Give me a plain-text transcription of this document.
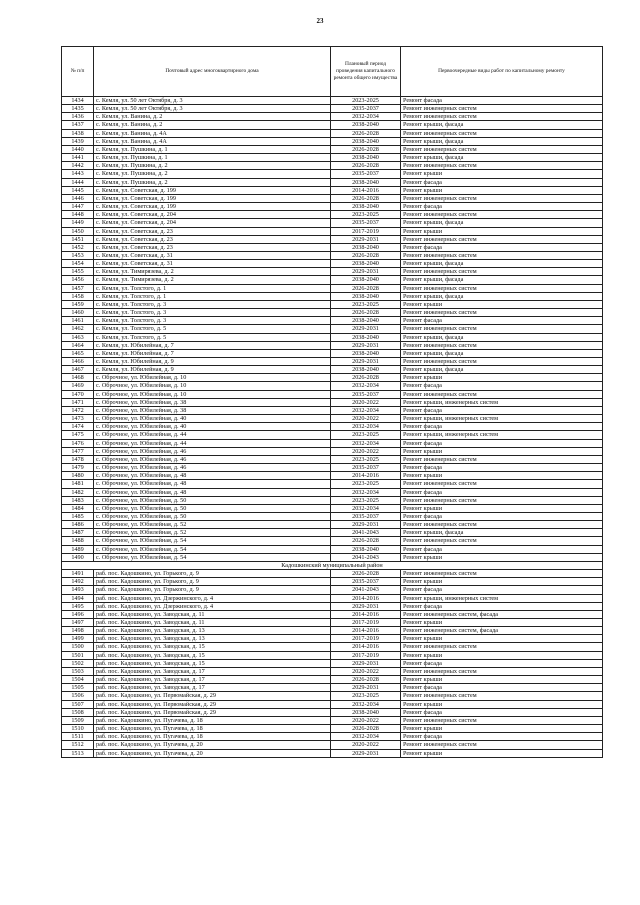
23
№ п/п	Почтовый адрес многоквартирного дома	Плановый период проведения капитального ремонта общего имущества	Первоочередные виды работ по капитальному ремонту
1434	с. Кемля, ул. 50 лет Октября, д. 3	2023-2025	Ремонт фасада
1435	с. Кемля, ул. 50 лет Октября, д. 3	2035-2037	Ремонт инженерных систем
1436	с. Кемля, ул. Ванина, д. 2	2032-2034	Ремонт инженерных систем
1437	с. Кемля, ул. Ванина, д. 2	2038-2040	Ремонт крыши, фасада
1438	с. Кемля, ул. Ванина, д. 4А	2026-2028	Ремонт инженерных систем
1439	с. Кемля, ул. Ванина, д. 4А	2038-2040	Ремонт крыши, фасада
1440	с. Кемля, ул. Пушкина, д. 1	2026-2028	Ремонт инженерных систем
1441	с. Кемля, ул. Пушкина, д. 1	2038-2040	Ремонт крыши, фасада
1442	с. Кемля, ул. Пушкина, д. 2	2026-2028	Ремонт инженерных систем
1443	с. Кемля, ул. Пушкина, д. 2	2035-2037	Ремонт крыши
1444	с. Кемля, ул. Пушкина, д. 2	2038-2040	Ремонт фасада
1445	с. Кемля, ул. Советская, д. 199	2014-2016	Ремонт крыши
1446	с. Кемля, ул. Советская, д. 199	2026-2028	Ремонт инженерных систем
1447	с. Кемля, ул. Советская, д. 199	2038-2040	Ремонт фасада
1448	с. Кемля, ул. Советская, д. 204	2023-2025	Ремонт инженерных систем
1449	с. Кемля, ул. Советская, д. 204	2035-2037	Ремонт крыши, фасада
1450	с. Кемля, ул. Советская, д. 23	2017-2019	Ремонт крыши
1451	с. Кемля, ул. Советская, д. 23	2029-2031	Ремонт инженерных систем
1452	с. Кемля, ул. Советская, д. 23	2038-2040	Ремонт фасада
1453	с. Кемля, ул. Советская, д. 31	2026-2028	Ремонт инженерных систем
1454	с. Кемля, ул. Советская, д. 31	2038-2040	Ремонт крыши, фасада
1455	с. Кемля, ул. Тимирязева, д. 2	2029-2031	Ремонт инженерных систем
1456	с. Кемля, ул. Тимирязева, д. 2	2038-2040	Ремонт крыши, фасада
1457	с. Кемля, ул. Толстого, д. 1	2026-2028	Ремонт инженерных систем
1458	с. Кемля, ул. Толстого, д. 1	2038-2040	Ремонт крыши, фасада
1459	с. Кемля, ул. Толстого, д. 3	2023-2025	Ремонт крыши
1460	с. Кемля, ул. Толстого, д. 3	2026-2028	Ремонт инженерных систем
1461	с. Кемля, ул. Толстого, д. 3	2038-2040	Ремонт фасада
1462	с. Кемля, ул. Толстого, д. 5	2029-2031	Ремонт инженерных систем
1463	с. Кемля, ул. Толстого, д. 5	2038-2040	Ремонт крыши, фасада
1464	с. Кемля, ул. Юбилейная, д. 7	2029-2031	Ремонт инженерных систем
1465	с. Кемля, ул. Юбилейная, д. 7	2038-2040	Ремонт крыши, фасада
1466	с. Кемля, ул. Юбилейная, д. 9	2029-2031	Ремонт инженерных систем
1467	с. Кемля, ул. Юбилейная, д. 9	2038-2040	Ремонт крыши, фасада
1468	с. Оброчное, ул. Юбилейная, д. 10	2026-2028	Ремонт крыши
1469	с. Оброчное, ул. Юбилейная, д. 10	2032-2034	Ремонт фасада
1470	с. Оброчное, ул. Юбилейная, д. 10	2035-2037	Ремонт инженерных систем
1471	с. Оброчное, ул. Юбилейная, д. 38	2020-2022	Ремонт крыши, инженерных систем
1472	с. Оброчное, ул. Юбилейная, д. 38	2032-2034	Ремонт фасада
1473	с. Оброчное, ул. Юбилейная, д. 40	2020-2022	Ремонт крыши, инженерных систем
1474	с. Оброчное, ул. Юбилейная, д. 40	2032-2034	Ремонт фасада
1475	с. Оброчное, ул. Юбилейная, д. 44	2023-2025	Ремонт крыши, инженерных систем
1476	с. Оброчное, ул. Юбилейная, д. 44	2032-2034	Ремонт фасада
1477	с. Оброчное, ул. Юбилейная, д. 46	2020-2022	Ремонт крыши
1478	с. Оброчное, ул. Юбилейная, д. 46	2023-2025	Ремонт инженерных систем
1479	с. Оброчное, ул. Юбилейная, д. 46	2035-2037	Ремонт фасада
1480	с. Оброчное, ул. Юбилейная, д. 48	2014-2016	Ремонт крыши
1481	с. Оброчное, ул. Юбилейная, д. 48	2023-2025	Ремонт инженерных систем
1482	с. Оброчное, ул. Юбилейная, д. 48	2032-2034	Ремонт фасада
1483	с. Оброчное, ул. Юбилейная, д. 50	2023-2025	Ремонт инженерных систем
1484	с. Оброчное, ул. Юбилейная, д. 50	2032-2034	Ремонт крыши
1485	с. Оброчное, ул. Юбилейная, д. 50	2035-2037	Ремонт фасада
1486	с. Оброчное, ул. Юбилейная, д. 52	2029-2031	Ремонт инженерных систем
1487	с. Оброчное, ул. Юбилейная, д. 52	2041-2043	Ремонт крыши, фасада
1488	с. Оброчное, ул. Юбилейная, д. 54	2026-2028	Ремонт инженерных систем
1489	с. Оброчное, ул. Юбилейная, д. 54	2038-2040	Ремонт фасада
1490	с. Оброчное, ул. Юбилейная, д. 54	2041-2043	Ремонт крыши
Кадошкинский муниципальный район			
1491	раб. пос. Кадошкино, ул. Горького, д. 9	2026-2028	Ремонт инженерных систем
1492	раб. пос. Кадошкино, ул. Горького, д. 9	2035-2037	Ремонт крыши
1493	раб. пос. Кадошкино, ул. Горького, д. 9	2041-2043	Ремонт фасада
1494	раб. пос. Кадошкино, ул. Дзержинского, д. 4	2014-2016	Ремонт крыши, инженерных систем
1495	раб. пос. Кадошкино, ул. Дзержинского, д. 4	2029-2031	Ремонт фасада
1496	раб. пос. Кадошкино, ул. Заводская, д. 11	2014-2016	Ремонт инженерных систем, фасада
1497	раб. пос. Кадошкино, ул. Заводская, д. 11	2017-2019	Ремонт крыши
1498	раб. пос. Кадошкино, ул. Заводская, д. 13	2014-2016	Ремонт инженерных систем, фасада
1499	раб. пос. Кадошкино, ул. Заводская, д. 13	2017-2019	Ремонт крыши
1500	раб. пос. Кадошкино, ул. Заводская, д. 15	2014-2016	Ремонт инженерных систем
1501	раб. пос. Кадошкино, ул. Заводская, д. 15	2017-2019	Ремонт крыши
1502	раб. пос. Кадошкино, ул. Заводская, д. 15	2029-2031	Ремонт фасада
1503	раб. пос. Кадошкино, ул. Заводская, д. 17	2020-2022	Ремонт инженерных систем
1504	раб. пос. Кадошкино, ул. Заводская, д. 17	2026-2028	Ремонт крыши
1505	раб. пос. Кадошкино, ул. Заводская, д. 17	2029-2031	Ремонт фасада
1506	раб. пос. Кадошкино, ул. Первомайская, д. 29	2023-2025	Ремонт инженерных систем
1507	раб. пос. Кадошкино, ул. Первомайская, д. 29	2032-2034	Ремонт крыши
1508	раб. пос. Кадошкино, ул. Первомайская, д. 29	2038-2040	Ремонт фасада
1509	раб. пос. Кадошкино, ул. Пугачева, д. 18	2020-2022	Ремонт инженерных систем
1510	раб. пос. Кадошкино, ул. Пугачева, д. 18	2026-2028	Ремонт крыши
1511	раб. пос. Кадошкино, ул. Пугачева, д. 18	2032-2034	Ремонт фасада
1512	раб. пос. Кадошкино, ул. Пугачева, д. 20	2020-2022	Ремонт инженерных систем
1513	раб. пос. Кадошкино, ул. Пугачева, д. 20	2029-2031	Ремонт крыши
